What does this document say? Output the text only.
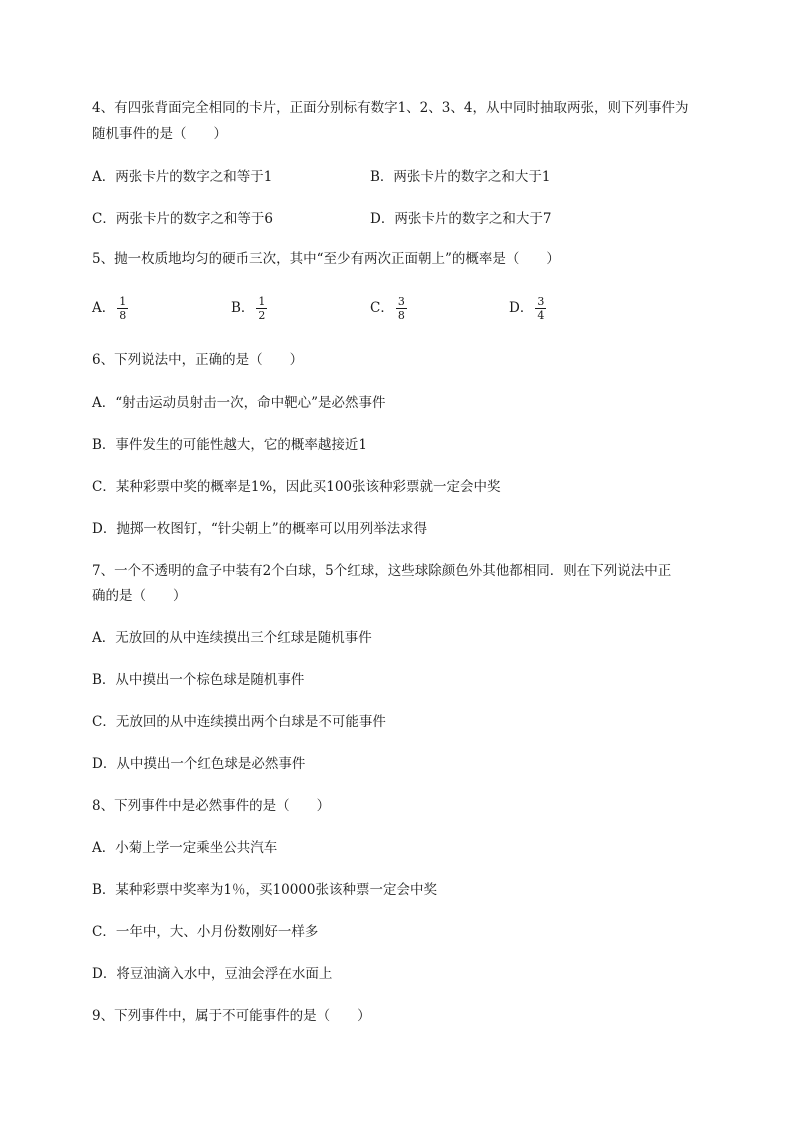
4、有四张背面完全相同的卡片，正面分别标有数字1、2、3、4，从中同时抽取两张，则下列事件为
随机事件的是（　　）
A．两张卡片的数字之和等于1	B．两张卡片的数字之和大于1
C．两张卡片的数字之和等于6	D．两张卡片的数字之和大于7
5、抛一枚质地均匀的硬币三次，其中“至少有两次正面朝上”的概率是（　　）
A． $\frac{1}{8}$	B． $\frac{1}{2}$	C． $\frac{3}{8}$	D． $\frac{3}{4}$
6、下列说法中，正确的是（　　）
A．“射击运动员射击一次，命中靶心”是必然事件
B．事件发生的可能性越大，它的概率越接近1
C．某种彩票中奖的概率是1%，因此买100张该种彩票就一定会中奖
D．抛掷一枚图钉，“针尖朝上”的概率可以用列举法求得
7、一个不透明的盒子中装有2个白球，5个红球，这些球除颜色外其他都相同．则在下列说法中正
确的是（　　）
A．无放回的从中连续摸出三个红球是随机事件
B．从中摸出一个棕色球是随机事件
C．无放回的从中连续摸出两个白球是不可能事件
D．从中摸出一个红色球是必然事件
8、下列事件中是必然事件的是（　　）
A．小菊上学一定乘坐公共汽车
B．某种彩票中奖率为1％，买10000张该种票一定会中奖
C．一年中，大、小月份数刚好一样多
D．将豆油滴入水中，豆油会浮在水面上
9、下列事件中，属于不可能事件的是（　　）
